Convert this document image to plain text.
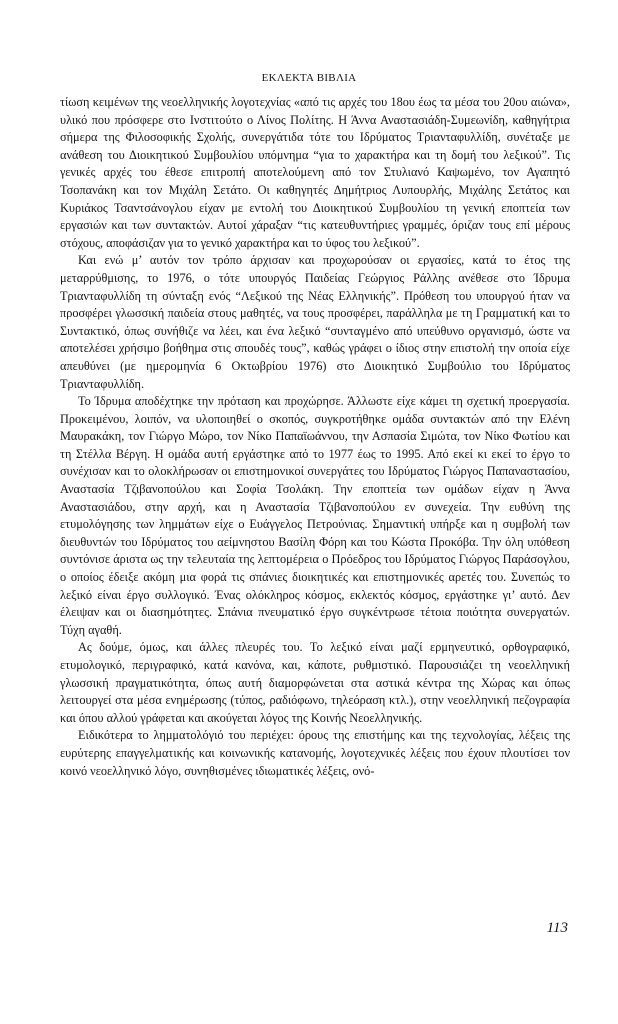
ΕΚΛΕΚΤΑ ΒΙΒΛΙΑ

τίωση κειμένων της νεοελληνικής λογοτεχνίας «από τις αρχές του 18ου έως τα μέσα του 20ου αιώνα», υλικό που πρόσφερε στο Ινστιτούτο ο Λίνος Πολίτης. Η Άννα Αναστασιάδη-Συμεωνίδη, καθηγήτρια σήμερα της Φιλοσοφικής Σχολής, συνεργάτιδα τότε του Ιδρύματος Τριανταφυλλίδη, συνέταξε με ανάθεση του Διοικητικού Συμβουλίου υπόμνημα “για το χαρακτήρα και τη δομή του λεξικού”. Τις γενικές αρχές του έθεσε επιτροπή αποτελούμενη από τον Στυλιανό Καψωμένο, τον Αγαπητό Τσοπανάκη και τον Μιχάλη Σετάτο. Οι καθηγητές Δημήτριος Λυπουρλής, Μιχάλης Σετάτος και Κυριάκος Τσαντσάνογλου είχαν με εντολή του Διοικητικού Συμβουλίου τη γενική εποπτεία των εργασιών και των συντακτών. Αυτοί χάραξαν “τις κατευθυντήριες γραμμές, όριζαν τους επί μέρους στόχους, αποφάσιζαν για το γενικό χαρακτήρα και το ύφος του λεξικού”.

Και ενώ μ’ αυτόν τον τρόπο άρχισαν και προχωρούσαν οι εργασίες, κατά το έτος της μεταρρύθμισης, το 1976, ο τότε υπουργός Παιδείας Γεώργιος Ράλλης ανέθεσε στο Ίδρυμα Τριανταφυλλίδη τη σύνταξη ενός “Λεξικού της Νέας Ελληνικής”. Πρόθεση του υπουργού ήταν να προσφέρει γλωσσική παιδεία στους μαθητές, να τους προσφέρει, παράλληλα με τη Γραμματική και το Συντακτικό, όπως συνήθιζε να λέει, και ένα λεξικό “συνταγμένο από υπεύθυνο οργανισμό, ώστε να αποτελέσει χρήσιμο βοήθημα στις σπουδές τους”, καθώς γράφει ο ίδιος στην επιστολή την οποία είχε απευθύνει (με ημερομηνία 6 Οκτωβρίου 1976) στο Διοικητικό Συμβούλιο του Ιδρύματος Τριανταφυλλίδη.

Το Ίδρυμα αποδέχτηκε την πρόταση και προχώρησε. Άλλωστε είχε κάμει τη σχετική προεργασία. Προκειμένου, λοιπόν, να υλοποιηθεί ο σκοπός, συγκροτήθηκε ομάδα συντακτών από την Ελένη Μαυρακάκη, τον Γιώργο Μώρο, τον Νίκο Παπαϊωάννου, την Ασπασία Σιμώτα, τον Νίκο Φωτίου και τη Στέλλα Βέργη. Η ομάδα αυτή εργάστηκε από το 1977 έως το 1995. Από εκεί κι εκεί το έργο το συνέχισαν και το ολοκλήρωσαν οι επιστημονικοί συνεργάτες του Ιδρύματος Γιώργος Παπαναστασίου, Αναστασία Τζιβανοπούλου και Σοφία Τσολάκη. Την εποπτεία των ομάδων είχαν η Άννα Αναστασιάδου, στην αρχή, και η Αναστασία Τζιβανοπούλου εν συνεχεία. Την ευθύνη της ετυμολόγησης των λημμάτων είχε ο Ευάγγελος Πετρούνιας. Σημαντική υπήρξε και η συμβολή των διευθυντών του Ιδρύματος του αείμνηστου Βασίλη Φόρη και του Κώστα Προκόβα. Την όλη υπόθεση συντόνισε άριστα ως την τελευταία της λεπτομέρεια ο Πρόεδρος του Ιδρύματος Γιώργος Παράσογλου, ο οποίος έδειξε ακόμη μια φορά τις σπάνιες διοικητικές και επιστημονικές αρετές του. Συνεπώς το λεξικό είναι έργο συλλογικό. Ένας ολόκληρος κόσμος, εκλεκτός κόσμος, εργάστηκε γι’ αυτό. Δεν έλειψαν και οι διασημότητες. Σπάνια πνευματικό έργο συγκέντρωσε τέτοια ποιότητα συνεργατών. Τύχη αγαθή.

Ας δούμε, όμως, και άλλες πλευρές του. Το λεξικό είναι μαζί ερμηνευτικό, ορθογραφικό, ετυμολογικό, περιγραφικό, κατά κανόνα, και, κάποτε, ρυθμιστικό. Παρουσιάζει τη νεοελληνική γλωσσική πραγματικότητα, όπως αυτή διαμορφώνεται στα αστικά κέντρα της Χώρας και όπως λειτουργεί στα μέσα ενημέρωσης (τύπος, ραδιόφωνο, τηλεόραση κτλ.), στην νεοελληνική πεζογραφία και όπου αλλού γράφεται και ακούγεται λόγος της Κοινής Νεοελληνικής.

Ειδικότερα το λημματολόγιό του περιέχει: όρους της επιστήμης και της τεχνολογίας, λέξεις της ευρύτερης επαγγελματικής και κοινωνικής κατανομής, λογοτεχνικές λέξεις που έχουν πλουτίσει τον κοινό νεοελληνικό λόγο, συνηθισμένες ιδιωματικές λέξεις, ονό-

113
